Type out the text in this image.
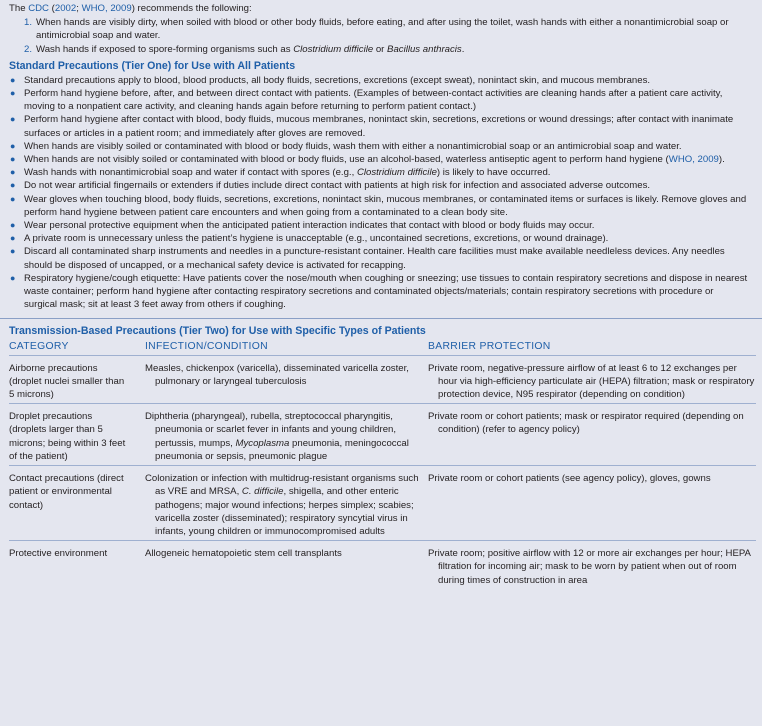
The CDC (2002; WHO, 2009) recommends the following:

1. When hands are visibly dirty, when soiled with blood or other body fluids, before eating, and after using the toilet, wash hands with either a nonantimicrobial soap or antimicrobial soap and water.
2. Wash hands if exposed to spore-forming organisms such as Clostridium difficile or Bacillus anthracis.
Standard Precautions (Tier One) for Use with All Patients
● Standard precautions apply to blood, blood products, all body fluids, secretions, excretions (except sweat), nonintact skin, and mucous membranes.
● Perform hand hygiene before, after, and between direct contact with patients. (Examples of between-contact activities are cleaning hands after a patient care activity, moving to a nonpatient care activity, and cleaning hands again before returning to perform patient contact.)
● Perform hand hygiene after contact with blood, body fluids, mucous membranes, nonintact skin, secretions, excretions or wound dressings; after contact with inanimate surfaces or articles in a patient room; and immediately after gloves are removed.
● When hands are visibly soiled or contaminated with blood or body fluids, wash them with either a nonantimicrobial soap or an antimicrobial soap and water.
● When hands are not visibly soiled or contaminated with blood or body fluids, use an alcohol-based, waterless antiseptic agent to perform hand hygiene (WHO, 2009).
● Wash hands with nonantimicrobial soap and water if contact with spores (e.g., Clostridium difficile) is likely to have occurred.
● Do not wear artificial fingernails or extenders if duties include direct contact with patients at high risk for infection and associated adverse outcomes.
● Wear gloves when touching blood, body fluids, secretions, excretions, nonintact skin, mucous membranes, or contaminated items or surfaces is likely. Remove gloves and perform hand hygiene between patient care encounters and when going from a contaminated to a clean body site.
● Wear personal protective equipment when the anticipated patient interaction indicates that contact with blood or body fluids may occur.
● A private room is unnecessary unless the patient’s hygiene is unacceptable (e.g., uncontained secretions, excretions, or wound drainage).
● Discard all contaminated sharp instruments and needles in a puncture-resistant container. Health care facilities must make available needleless devices. Any needles should be disposed of uncapped, or a mechanical safety device is activated for recapping.
● Respiratory hygiene/cough etiquette: Have patients cover the nose/mouth when coughing or sneezing; use tissues to contain respiratory secretions and dispose in nearest waste container; perform hand hygiene after contacting respiratory secretions and contaminated objects/materials; contain respiratory secretions with procedure or surgical mask; sit at least 3 feet away from others if coughing.
Transmission-Based Precautions (Tier Two) for Use with Specific Types of Patients
CATEGORY	INFECTION/CONDITION	BARRIER PROTECTION
Airborne precautions (droplet nuclei smaller than 5 microns)	Measles, chickenpox (varicella), disseminated varicella zoster, pulmonary or laryngeal tuberculosis	Private room, negative-pressure airflow of at least 6 to 12 exchanges per hour via high-efficiency particulate air (HEPA) filtration; mask or respiratory protection device, N95 respirator (depending on condition)

Droplet precautions (droplets larger than 5 microns; being within 3 feet of the patient)	Diphtheria (pharyngeal), rubella, streptococcal pharyngitis, pneumonia or scarlet fever in infants and young children, pertussis, mumps, Mycoplasma pneumonia, meningococcal pneumonia or sepsis, pneumonic plague	Private room or cohort patients; mask or respirator required (depending on condition) (refer to agency policy)

Contact precautions (direct patient or environmental contact)	Colonization or infection with multidrug-resistant organisms such as VRE and MRSA, C. difficile, shigella, and other enteric pathogens; major wound infections; herpes simplex; scabies; varicella zoster (disseminated); respiratory syncytial virus in infants, young children or immunocompromised adults	Private room or cohort patients (see agency policy), gloves, gowns

Protective environment	Allogeneic hematopoietic stem cell transplants	Private room; positive airflow with 12 or more air exchanges per hour; HEPA filtration for incoming air; mask to be worn by patient when out of room during times of construction in area
